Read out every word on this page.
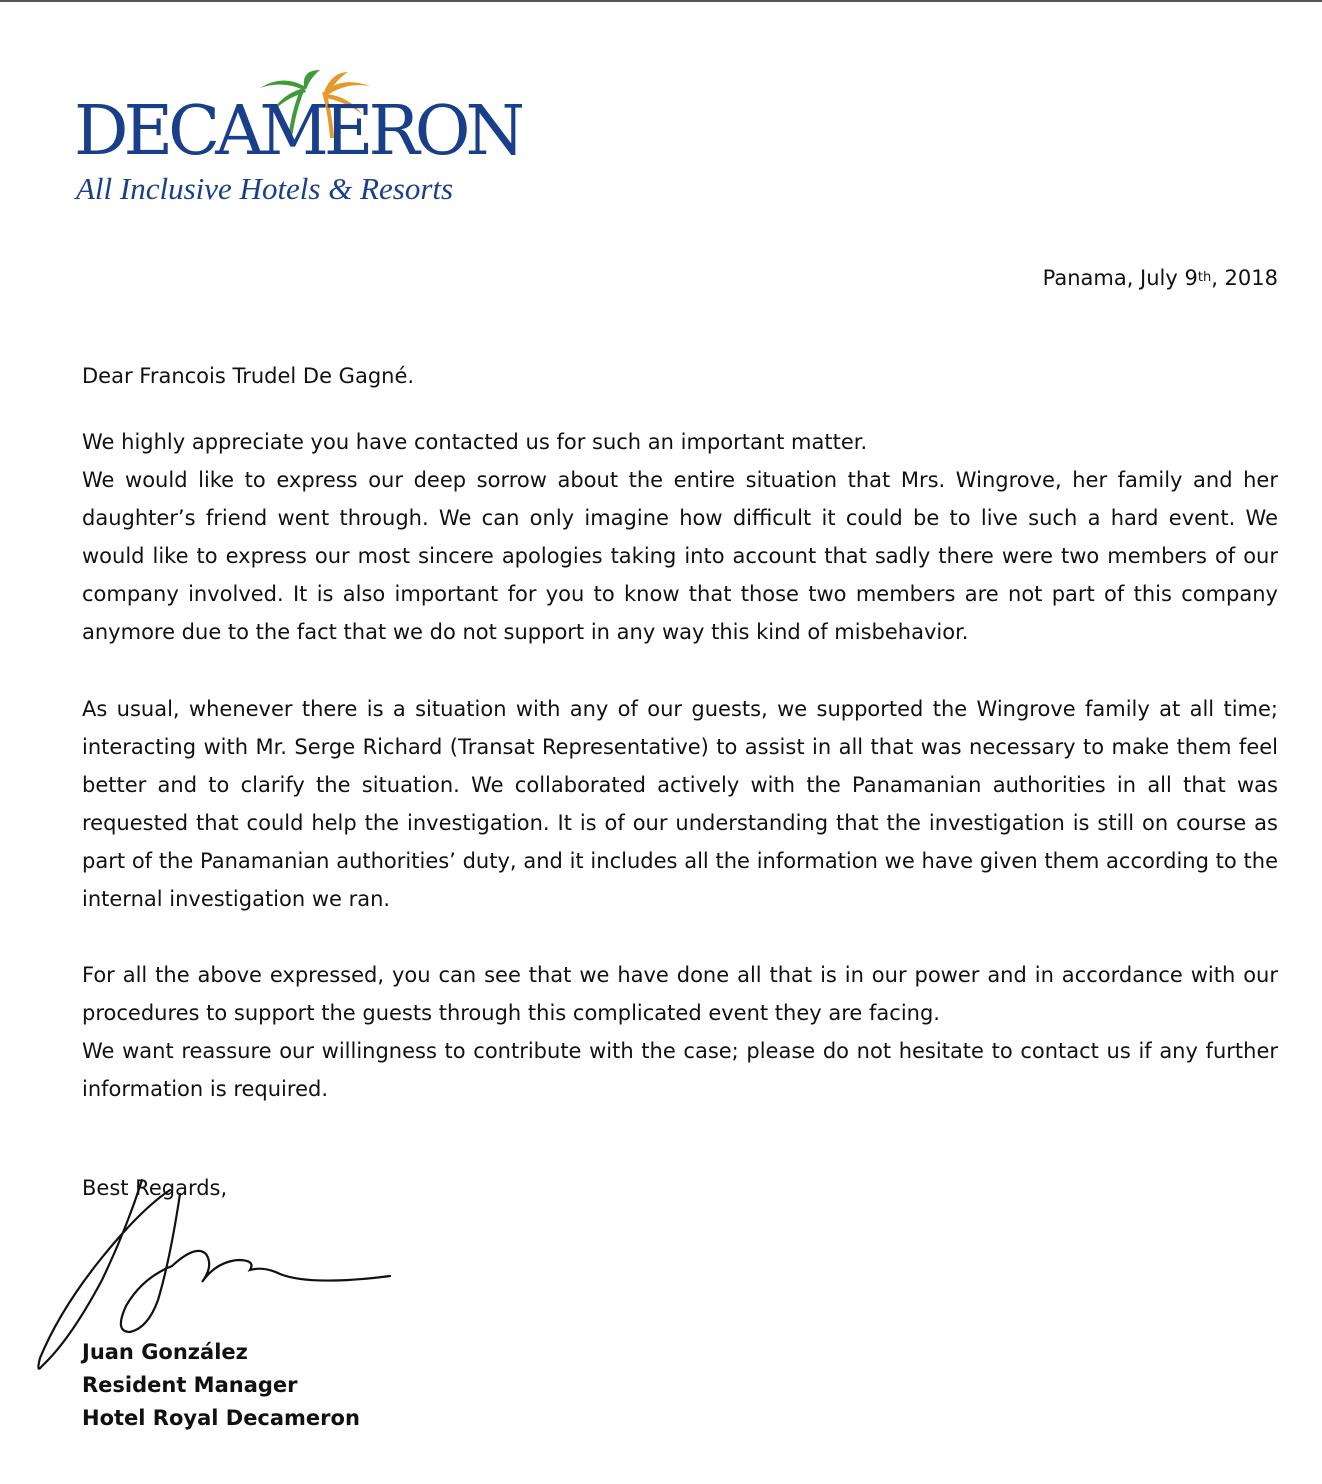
DECAMERON
All Inclusive Hotels & Resorts
Panama, July 9th, 2018

Dear Francois Trudel De Gagné.

We highly appreciate you have contacted us for such an important matter.
We would like to express our deep sorrow about the entire situation that Mrs. Wingrove, her family and her daughter’s friend went through. We can only imagine how difficult it could be to live such a hard event. We would like to express our most sincere apologies taking into account that sadly there were two members of our company involved. It is also important for you to know that those two members are not part of this company anymore due to the fact that we do not support in any way this kind of misbehavior.

As usual, whenever there is a situation with any of our guests, we supported the Wingrove family at all time; interacting with Mr. Serge Richard (Transat Representative) to assist in all that was necessary to make them feel better and to clarify the situation. We collaborated actively with the Panamanian authorities in all that was requested that could help the investigation. It is of our understanding that the investigation is still on course as part of the Panamanian authorities’ duty, and it includes all the information we have given them according to the internal investigation we ran.

For all the above expressed, you can see that we have done all that is in our power and in accordance with our procedures to support the guests through this complicated event they are facing.
We want reassure our willingness to contribute with the case; please do not hesitate to contact us if any further information is required.
Best Regards,
Juan González
Resident Manager
Hotel Royal Decameron
